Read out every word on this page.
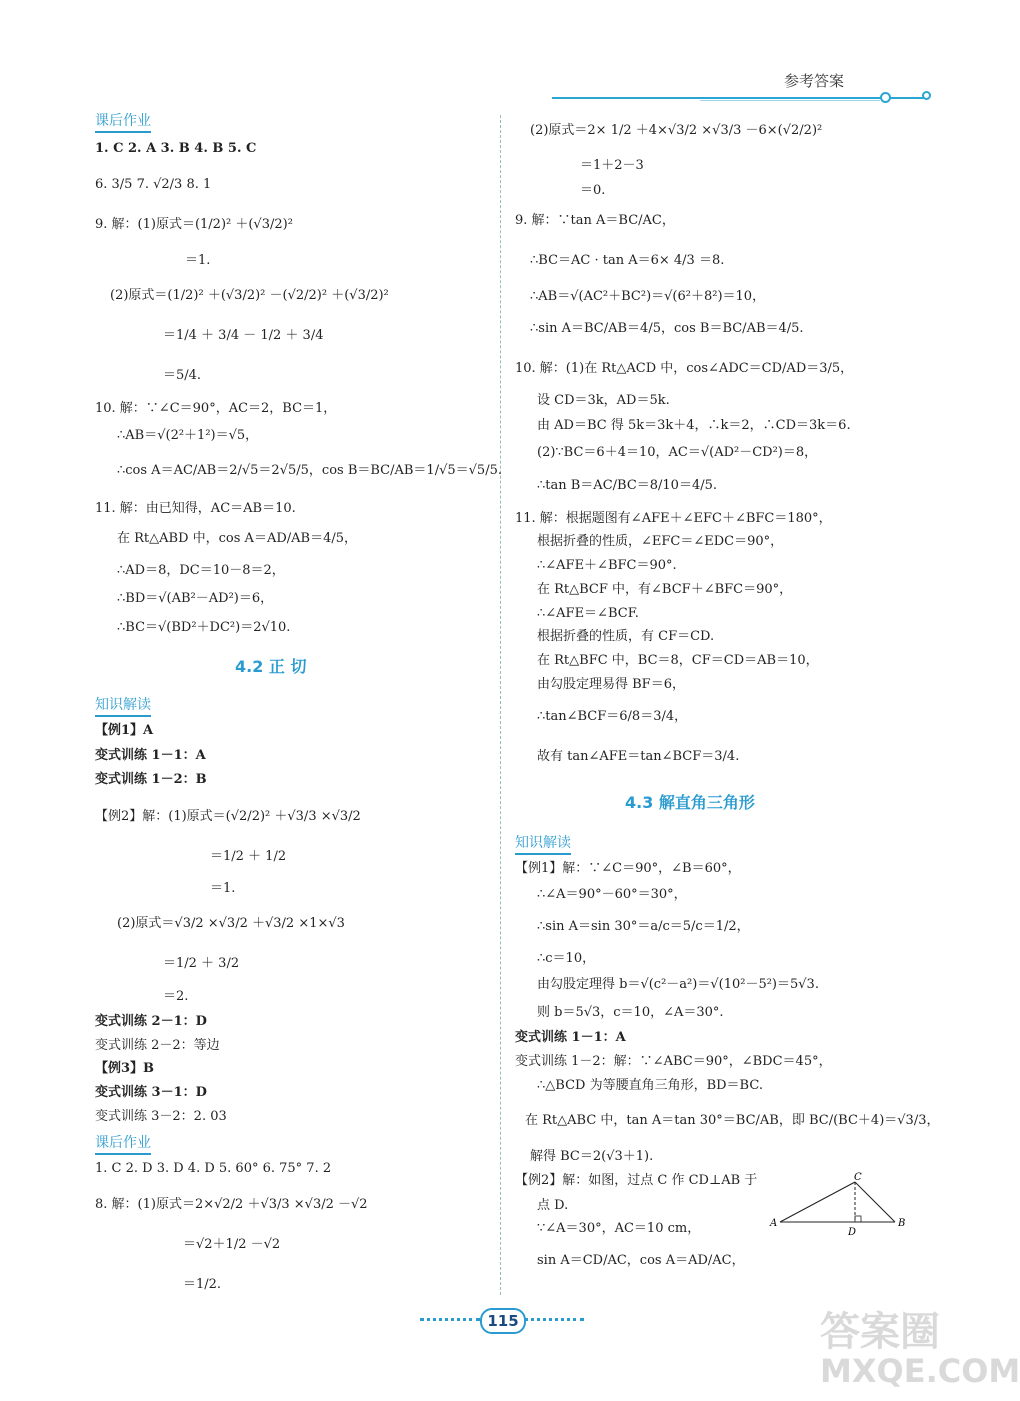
参考答案
课后作业
1. C 2. A 3. B 4. B 5. C
6. 3/5 7. √2/3 8. 1
9. 解：(1)原式＝(1/2)² ＋(√3/2)²
＝1.
(2)原式＝(1/2)² ＋(√3/2)² －(√2/2)² ＋(√3/2)²
＝1/4 ＋ 3/4 － 1/2 ＋ 3/4
＝5/4.
10. 解：∵∠C＝90°，AC＝2，BC＝1，
∴AB＝√(2²＋1²)＝√5，
∴cos A＝AC/AB＝2/√5＝2√5/5，cos B＝BC/AB＝1/√5＝√5/5.
11. 解：由已知得，AC＝AB＝10.
在 Rt△ABD 中，cos A＝AD/AB＝4/5，
∴AD＝8，DC＝10－8＝2，
∴BD＝√(AB²－AD²)＝6，
∴BC＝√(BD²＋DC²)＝2√10.
4.2 正 切
知识解读
【例1】A
变式训练 1－1：A
变式训练 1－2：B
【例2】解：(1)原式＝(√2/2)² ＋√3/3 ×√3/2
＝1/2 ＋ 1/2
＝1.
(2)原式＝√3/2 ×√3/2 ＋√3/2 ×1×√3
＝1/2 ＋ 3/2
＝2.
变式训练 2－1：D
变式训练 2－2：等边
【例3】B
变式训练 3－1：D
变式训练 3－2：2. 03
课后作业
1. C 2. D 3. D 4. D 5. 60° 6. 75° 7. 2
8. 解：(1)原式＝2×√2/2 ＋√3/3 ×√3/2 －√2
＝√2＋1/2 －√2
＝1/2.
(2)原式＝2× 1/2 ＋4×√3/2 ×√3/3 －6×(√2/2)²
＝1＋2－3
＝0.
9. 解：∵tan A＝BC/AC，
∴BC＝AC · tan A＝6× 4/3 ＝8.
∴AB＝√(AC²＋BC²)＝√(6²＋8²)＝10，
∴sin A＝BC/AB＝4/5，cos B＝BC/AB＝4/5.
10. 解：(1)在 Rt△ACD 中，cos∠ADC＝CD/AD＝3/5，
设 CD＝3k，AD＝5k.
由 AD＝BC 得 5k＝3k＋4，∴k＝2，∴CD＝3k＝6.
(2)∵BC＝6＋4＝10，AC＝√(AD²－CD²)＝8，
∴tan B＝AC/BC＝8/10＝4/5.
11. 解：根据题图有∠AFE＋∠EFC＋∠BFC＝180°，
根据折叠的性质，∠EFC＝∠EDC＝90°，
∴∠AFE＋∠BFC＝90°.
在 Rt△BCF 中，有∠BCF＋∠BFC＝90°，
∴∠AFE＝∠BCF.
根据折叠的性质，有 CF＝CD.
在 Rt△BFC 中，BC＝8，CF＝CD＝AB＝10，
由勾股定理易得 BF＝6，
∴tan∠BCF＝6/8＝3/4，
故有 tan∠AFE＝tan∠BCF＝3/4.
4.3 解直角三角形
知识解读
【例1】解：∵∠C＝90°，∠B＝60°，
∴∠A＝90°－60°＝30°，
∴sin A＝sin 30°＝a/c＝5/c＝1/2，
∴c＝10，
由勾股定理得 b＝√(c²－a²)＝√(10²－5²)＝5√3.
则 b＝5√3，c＝10，∠A＝30°.
变式训练 1－1：A
变式训练 1－2：解：∵∠ABC＝90°，∠BDC＝45°，
∴△BCD 为等腰直角三角形，BD＝BC.
在 Rt△ABC 中，tan A＝tan 30°＝BC/AB，即 BC/(BC＋4)＝√3/3，
解得 BC＝2(√3＋1).
【例2】解：如图，过点 C 作 CD⊥AB 于
点 D.
∵∠A＝30°，AC＝10 cm，
sin A＝CD/AC，cos A＝AD/AC，
A	B
C
D
115	答案圈
MXQE.COM
